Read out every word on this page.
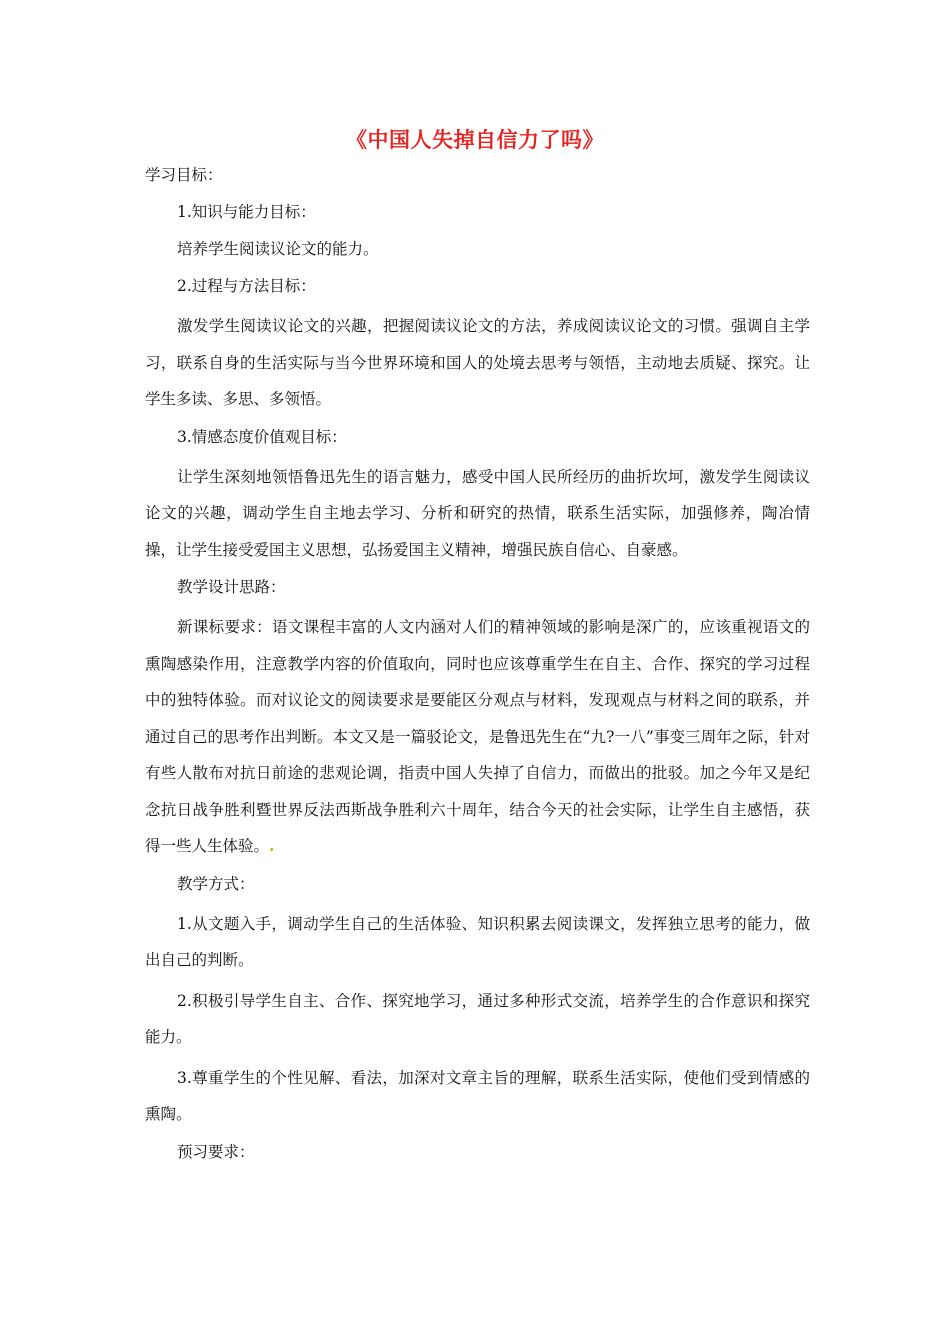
《中国人失掉自信力了吗》

学习目标：

1.知识与能力目标：

培养学生阅读议论文的能力。

2.过程与方法目标：

激发学生阅读议论文的兴趣，把握阅读议论文的方法，养成阅读议论文的习惯。强调自主学习，联系自身的生活实际与当今世界环境和国人的处境去思考与领悟，主动地去质疑、探究。让学生多读、多思、多领悟。

3.情感态度价值观目标：

让学生深刻地领悟鲁迅先生的语言魅力，感受中国人民所经历的曲折坎坷，激发学生阅读议论文的兴趣，调动学生自主地去学习、分析和研究的热情，联系生活实际，加强修养，陶冶情操，让学生接受爱国主义思想，弘扬爱国主义精神，增强民族自信心、自豪感。

教学设计思路：

新课标要求：语文课程丰富的人文内涵对人们的精神领域的影响是深广的，应该重视语文的熏陶感染作用，注意教学内容的价值取向，同时也应该尊重学生在自主、合作、探究的学习过程中的独特体验。而对议论文的阅读要求是要能区分观点与材料，发现观点与材料之间的联系，并通过自己的思考作出判断。本文又是一篇驳论文，是鲁迅先生在“九?一八”事变三周年之际，针对有些人散布对抗日前途的悲观论调，指责中国人失掉了自信力，而做出的批驳。加之今年又是纪念抗日战争胜利暨世界反法西斯战争胜利六十周年，结合今天的社会实际，让学生自主感悟，获得一些人生体验。.

教学方式：

1.从文题入手，调动学生自己的生活体验、知识积累去阅读课文，发挥独立思考的能力，做出自己的判断。

2.积极引导学生自主、合作、探究地学习，通过多种形式交流，培养学生的合作意识和探究能力。

3.尊重学生的个性见解、看法，加深对文章主旨的理解，联系生活实际，使他们受到情感的熏陶。

预习要求：
